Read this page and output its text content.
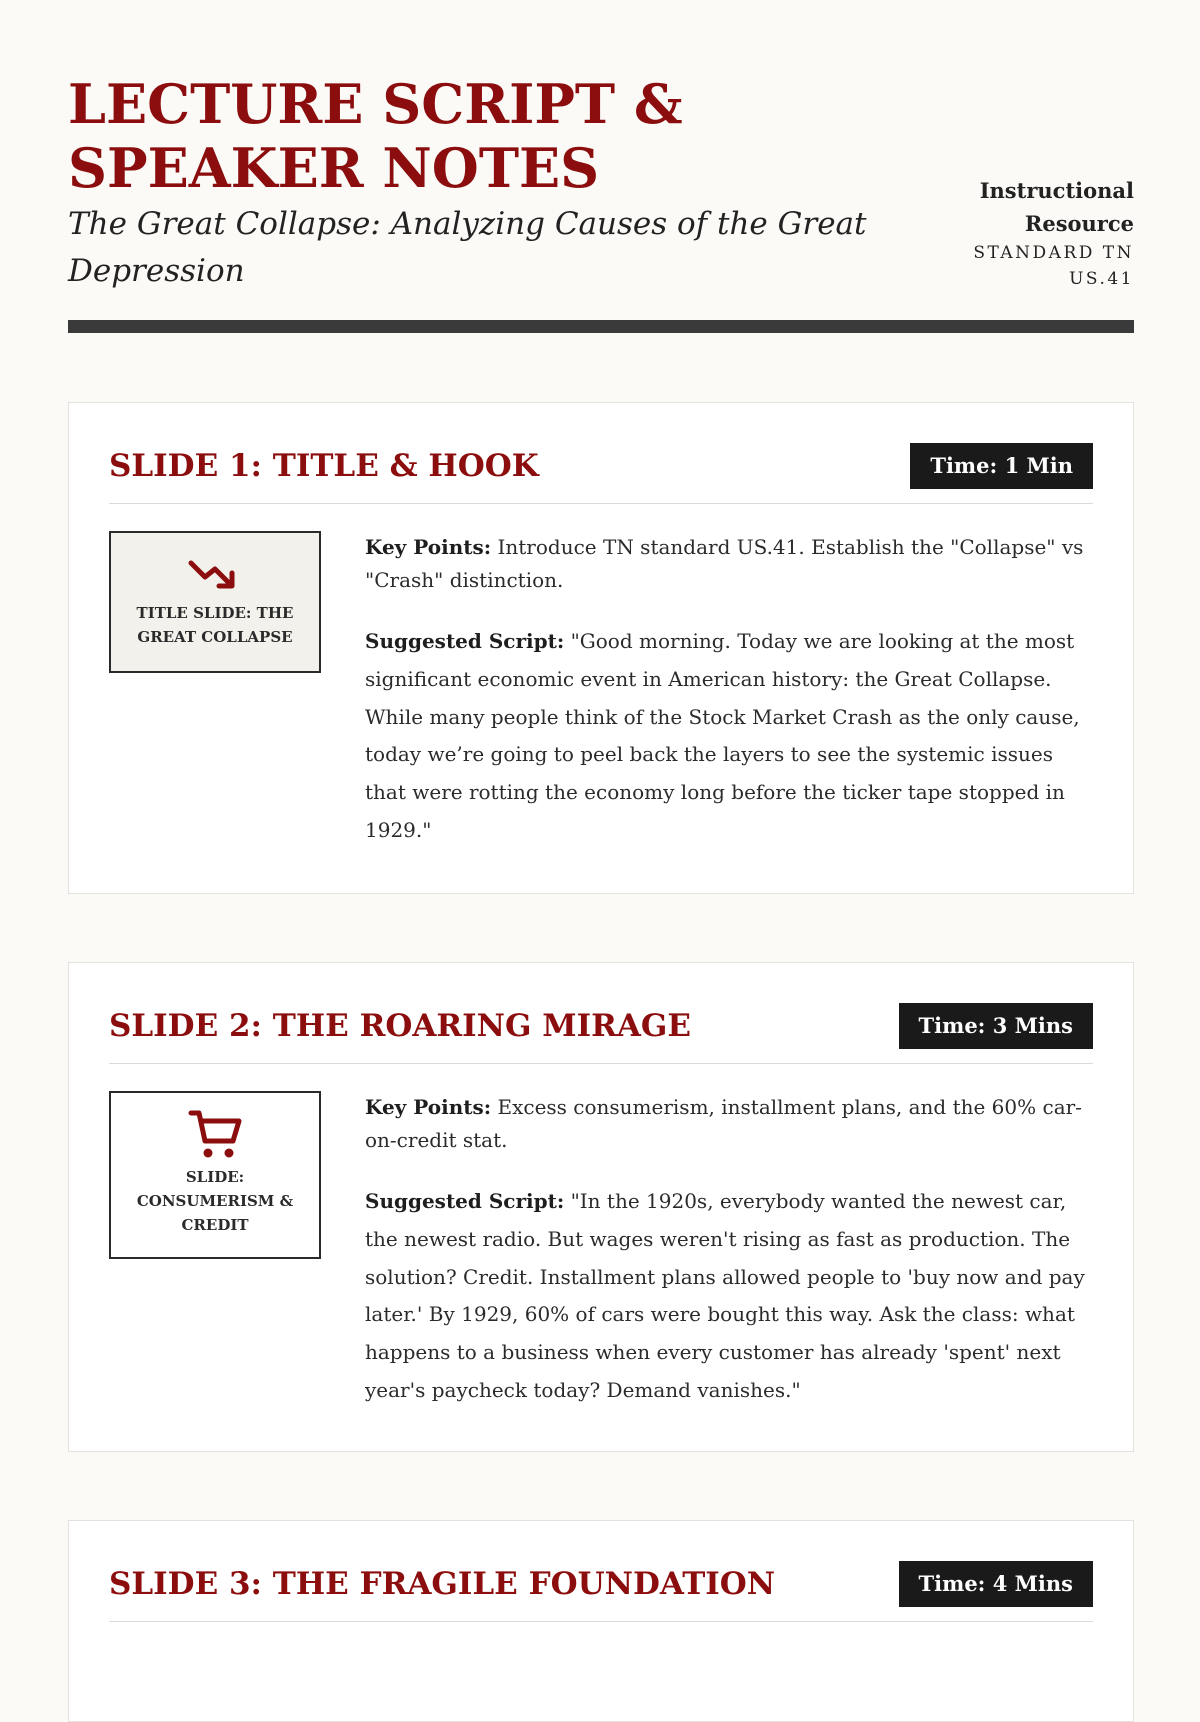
LECTURE SCRIPT & SPEAKER NOTES

The Great Collapse: Analyzing Causes of the Great Depression

Instructional Resource
STANDARD TN US.41
SLIDE 1: TITLE & HOOK	Time: 1 Min
TITLE SLIDE: THE GREAT COLLAPSE

Key Points: Introduce TN standard US.41. Establish the "Collapse" vs "Crash" distinction.

Suggested Script: "Good morning. Today we are looking at the most significant economic event in American history: the Great Collapse. While many people think of the Stock Market Crash as the only cause, today we’re going to peel back the layers to see the systemic issues that were rotting the economy long before the ticker tape stopped in 1929."

SLIDE 2: THE ROARING MIRAGE	Time: 3 Mins
SLIDE: CONSUMERISM & CREDIT

Key Points: Excess consumerism, installment plans, and the 60% car-on-credit stat.

Suggested Script: "In the 1920s, everybody wanted the newest car, the newest radio. But wages weren't rising as fast as production. The solution? Credit. Installment plans allowed people to 'buy now and pay later.' By 1929, 60% of cars were bought this way. Ask the class: what happens to a business when every customer has already 'spent' next year's paycheck today? Demand vanishes."

SLIDE 3: THE FRAGILE FOUNDATION	Time: 4 Mins
